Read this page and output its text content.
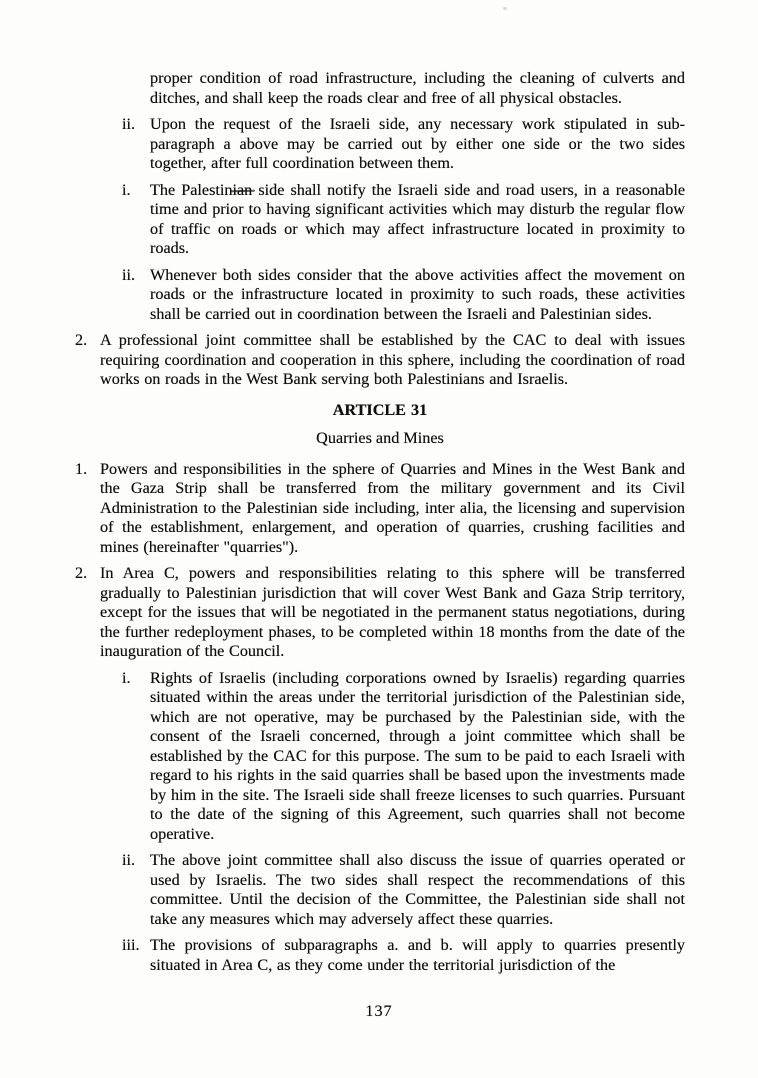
proper condition of road infrastructure, including the cleaning of culverts and ditches, and shall keep the roads clear and free of all physical obstacles.
ii. Upon the request of the Israeli side, any necessary work stipulated in sub-paragraph a above may be carried out by either one side or the two sides together, after full coordination between them.
i. The Palestinian side shall notify the Israeli side and road users, in a reasonable time and prior to having significant activities which may disturb the regular flow of traffic on roads or which may affect infrastructure located in proximity to roads.
ii. Whenever both sides consider that the above activities affect the movement on roads or the infrastructure located in proximity to such roads, these activities shall be carried out in coordination between the Israeli and Palestinian sides.
2. A professional joint committee shall be established by the CAC to deal with issues requiring coordination and cooperation in this sphere, including the coordination of road works on roads in the West Bank serving both Palestinians and Israelis.
ARTICLE 31
Quarries and Mines
1. Powers and responsibilities in the sphere of Quarries and Mines in the West Bank and the Gaza Strip shall be transferred from the military government and its Civil Administration to the Palestinian side including, inter alia, the licensing and supervision of the establishment, enlargement, and operation of quarries, crushing facilities and mines (hereinafter "quarries").
2. In Area C, powers and responsibilities relating to this sphere will be transferred gradually to Palestinian jurisdiction that will cover West Bank and Gaza Strip territory, except for the issues that will be negotiated in the permanent status negotiations, during the further redeployment phases, to be completed within 18 months from the date of the inauguration of the Council.
i. Rights of Israelis (including corporations owned by Israelis) regarding quarries situated within the areas under the territorial jurisdiction of the Palestinian side, which are not operative, may be purchased by the Palestinian side, with the consent of the Israeli concerned, through a joint committee which shall be established by the CAC for this purpose. The sum to be paid to each Israeli with regard to his rights in the said quarries shall be based upon the investments made by him in the site. The Israeli side shall freeze licenses to such quarries. Pursuant to the date of the signing of this Agreement, such quarries shall not become operative.
ii. The above joint committee shall also discuss the issue of quarries operated or used by Israelis. The two sides shall respect the recommendations of this committee. Until the decision of the Committee, the Palestinian side shall not take any measures which may adversely affect these quarries.
iii. The provisions of subparagraphs a. and b. will apply to quarries presently situated in Area C, as they come under the territorial jurisdiction of the
137
